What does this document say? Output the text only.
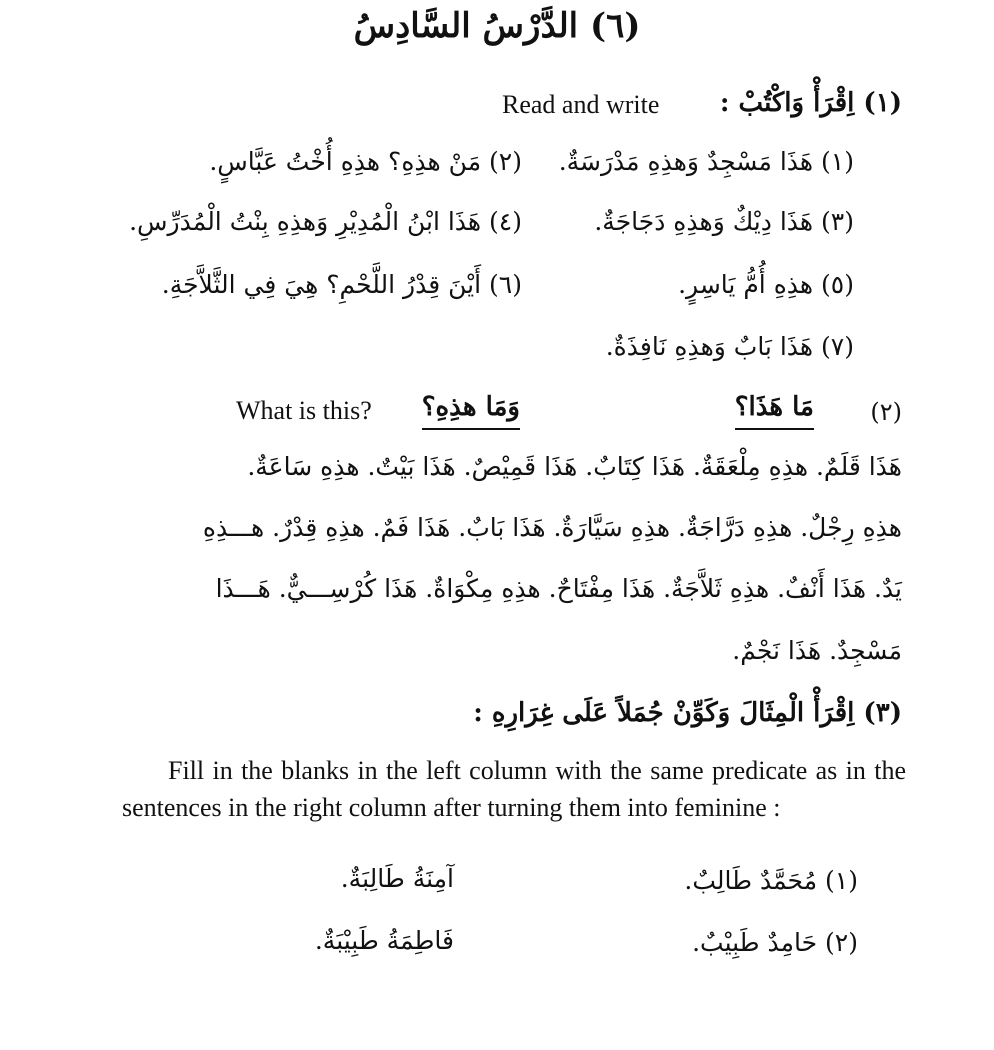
(٦) الدَّرْسُ السَّادِسُ
(١) اِقْرَأْ وَاكْتُبْ :
Read and write
(١) هَذَا مَسْجِدٌ وَهذِهِ مَدْرَسَةٌ.
(٢) مَنْ هذِهِ؟ هذِهِ أُخْتُ عَبَّاسٍ.
(٣) هَذَا دِيْكٌ وَهذِهِ دَجَاجَةٌ.
(٤) هَذَا ابْنُ الْمُدِيْرِ وَهذِهِ بِنْتُ الْمُدَرِّسِ.
(٥) هذِهِ أُمُّ يَاسِرٍ.
(٦) أَيْنَ قِدْرُ اللَّحْمِ؟ هِيَ فِي الثَّلاَّجَةِ.
(٧) هَذَا بَابٌ وَهذِهِ نَافِذَةٌ.
(٢)
مَا هَذَا؟
وَمَا هذِهِ؟
What is this?
هَذَا قَلَمٌ. هذِهِ مِلْعَقَةٌ. هَذَا كِتَابٌ. هَذَا قَمِيْصٌ. هَذَا بَيْتٌ. هذِهِ سَاعَةٌ.
هذِهِ رِجْلٌ. هذِهِ دَرَّاجَةٌ. هذِهِ سَيَّارَةٌ. هَذَا بَابٌ. هَذَا فَمٌ. هذِهِ قِدْرٌ. هـــذِهِ
يَدٌ. هَذَا أَنْفٌ. هذِهِ ثَلاَّجَةٌ. هَذَا مِفْتَاحٌ. هذِهِ مِكْوَاةٌ. هَذَا كُرْسِـــيٌّ. هَـــذَا
مَسْجِدٌ. هَذَا نَجْمٌ.
(٣) اِقْرَأْ الْمِثَالَ وَكَوِّنْ جُمَلاً عَلَى غِرَارِهِ :
Fill in the blanks in the left column with the same predicate as in the sentences in the right column after turning them into feminine :
(١) مُحَمَّدٌ طَالِبٌ.
آمِنَةُ طَالِبَةٌ.
(٢) حَامِدٌ طَبِيْبٌ.
فَاطِمَةُ طَبِيْبَةٌ.
